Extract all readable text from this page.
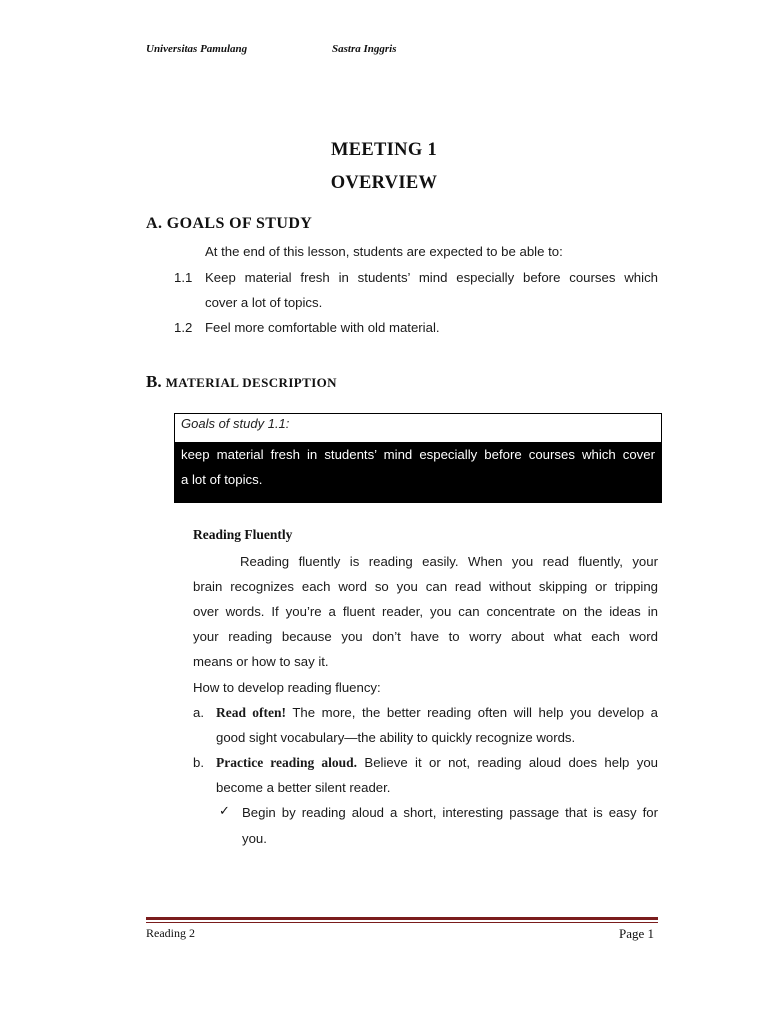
Universitas Pamulang	Sastra Inggris
MEETING 1
OVERVIEW
A. GOALS OF STUDY
At the end of this lesson, students are expected to be able to:
1.1 Keep material fresh in students’ mind especially before courses which
cover a lot of topics.
1.2 Feel more comfortable with old material.
B. MATERIAL DESCRIPTION
Goals of study 1.1:
keep material fresh in students’ mind especially before courses which cover
a lot of topics.
Reading Fluently
Reading fluently is reading easily. When you read fluently, your
brain recognizes each word so you can read without skipping or tripping
over words. If you’re a fluent reader, you can concentrate on the ideas in
your reading because you don’t have to worry about what each word
means or how to say it.
How to develop reading fluency:
a. Read often! The more, the better reading often will help you develop a
good sight vocabulary—the ability to quickly recognize words.
b. Practice reading aloud. Believe it or not, reading aloud does help you
become a better silent reader.
✓ Begin by reading aloud a short, interesting passage that is easy for
you.
Reading 2	Page 1
